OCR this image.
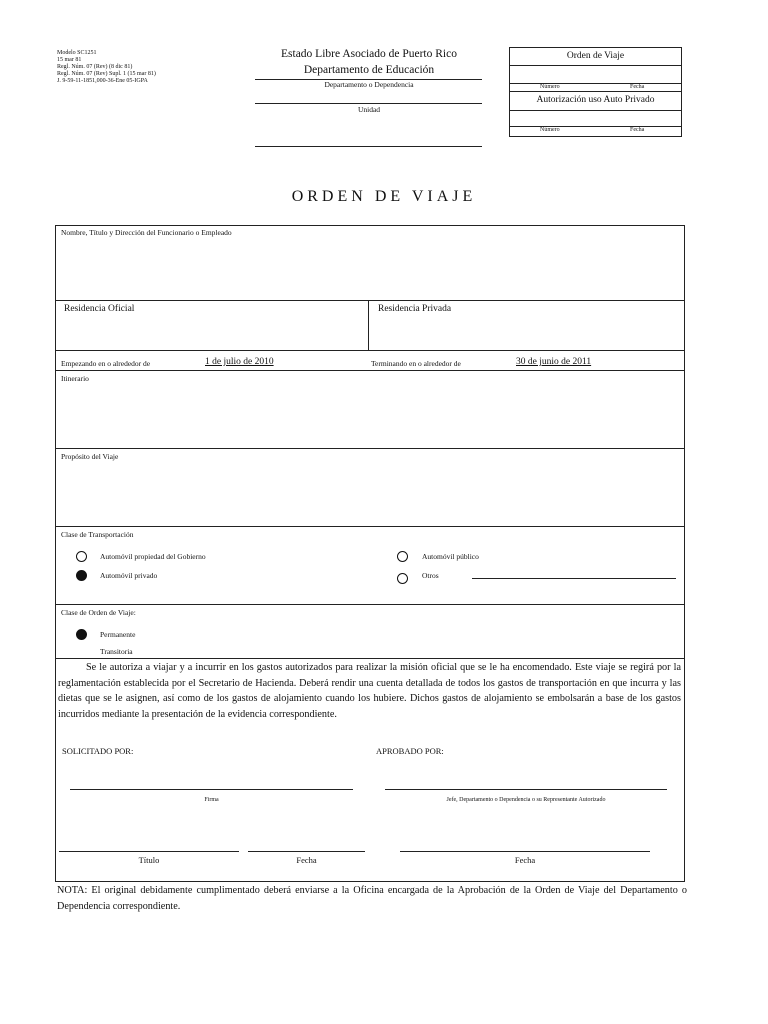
Modelo SC1251
15 mar 81
Regl. Núm. 07 (Rev) (8 dic 81)
Regl. Núm. 07 (Rev) Supl. 1 (15 mar 81)
J. 9-59-11-1851,000-36-Ene 05-IGPA
Estado Libre Asociado de Puerto Rico
Departamento de Educación
Departamento o Dependencia
Unidad
Orden de Viaje
Número	Fecha
Autorización uso Auto Privado
Número	Fecha
ORDEN DE VIAJE
Nombre, Título y Dirección del Funcionario o Empleado
Residencia Oficial	Residencia Privada
Empezando en o alrededor de	1 de julio de 2010	Terminando en o alrededor de	30 de junio de 2011
Itinerario
Propósito del Viaje
Clase de Transportación
Automóvil propiedad del Gobierno
Automóvil privado
Automóvil público
Otros
Clase de Orden de Viaje:
Permanente
Transitoria
Se le autoriza a viajar y a incurrir en los gastos autorizados para realizar la misión oficial que se le ha encomendado. Este viaje se regirá por la reglamentación establecida por el Secretario de Hacienda. Deberá rendir una cuenta detallada de todos los gastos de transportación en que incurra y las dietas que se le asignen, así como de los gastos de alojamiento cuando los hubiere. Dichos gastos de alojamiento se embolsarán a base de los gastos incurridos mediante la presentación de la evidencia correspondiente.
SOLICITADO POR:	APROBADO POR:
Firma	Jefe, Departamento o Dependencia o su Representante Autorizado
Título	Fecha	Fecha
NOTA: El original debidamente cumplimentado deberá enviarse a la Oficina encargada de la Aprobación de la Orden de Viaje del Departamento o Dependencia correspondiente.
